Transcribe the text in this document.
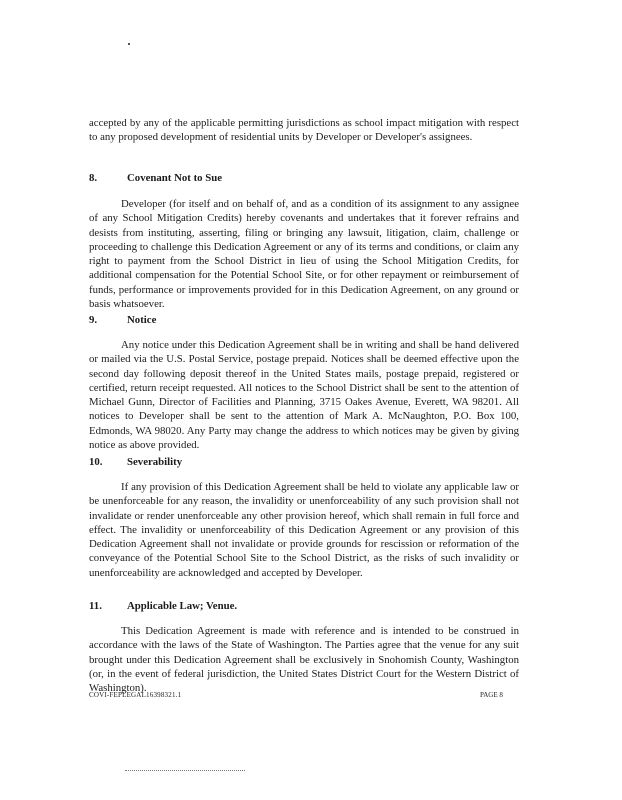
accepted by any of the applicable permitting jurisdictions as school impact mitigation with respect to any proposed development of residential units by Developer or Developer's assignees.
8.	Covenant Not to Sue
Developer (for itself and on behalf of, and as a condition of its assignment to any assignee of any School Mitigation Credits) hereby covenants and undertakes that it forever refrains and desists from instituting, asserting, filing or bringing any lawsuit, litigation, claim, challenge or proceeding to challenge this Dedication Agreement or any of its terms and conditions, or claim any right to payment from the School District in lieu of using the School Mitigation Credits, for additional compensation for the Potential School Site, or for other repayment or reimbursement of funds, performance or improvements provided for in this Dedication Agreement, on any ground or basis whatsoever.
9.	Notice
Any notice under this Dedication Agreement shall be in writing and shall be hand delivered or mailed via the U.S. Postal Service, postage prepaid. Notices shall be deemed effective upon the second day following deposit thereof in the United States mails, postage prepaid, registered or certified, return receipt requested. All notices to the School District shall be sent to the attention of Michael Gunn, Director of Facilities and Planning, 3715 Oakes Avenue, Everett, WA 98201. All notices to Developer shall be sent to the attention of Mark A. McNaughton, P.O. Box 100, Edmonds, WA 98020. Any Party may change the address to which notices may be given by giving notice as above provided.
10. Severability
If any provision of this Dedication Agreement shall be held to violate any applicable law or be unenforceable for any reason, the invalidity or unenforceability of any such provision shall not invalidate or render unenforceable any other provision hereof, which shall remain in full force and effect. The invalidity or unenforceability of this Dedication Agreement or any provision of this Dedication Agreement shall not invalidate or provide grounds for rescission or reformation of the conveyance of the Potential School Site to the School District, as the risks of such invalidity or unenforceability are acknowledged and accepted by Developer.
11. Applicable Law; Venue.
This Dedication Agreement is made with reference and is intended to be construed in accordance with the laws of the State of Washington. The Parties agree that the venue for any suit brought under this Dedication Agreement shall be exclusively in Snohomish County, Washington (or, in the event of federal jurisdiction, the United States District Court for the Western District of Washington).
COVI-FEPLEGAL16398321.1	PAGE 8
